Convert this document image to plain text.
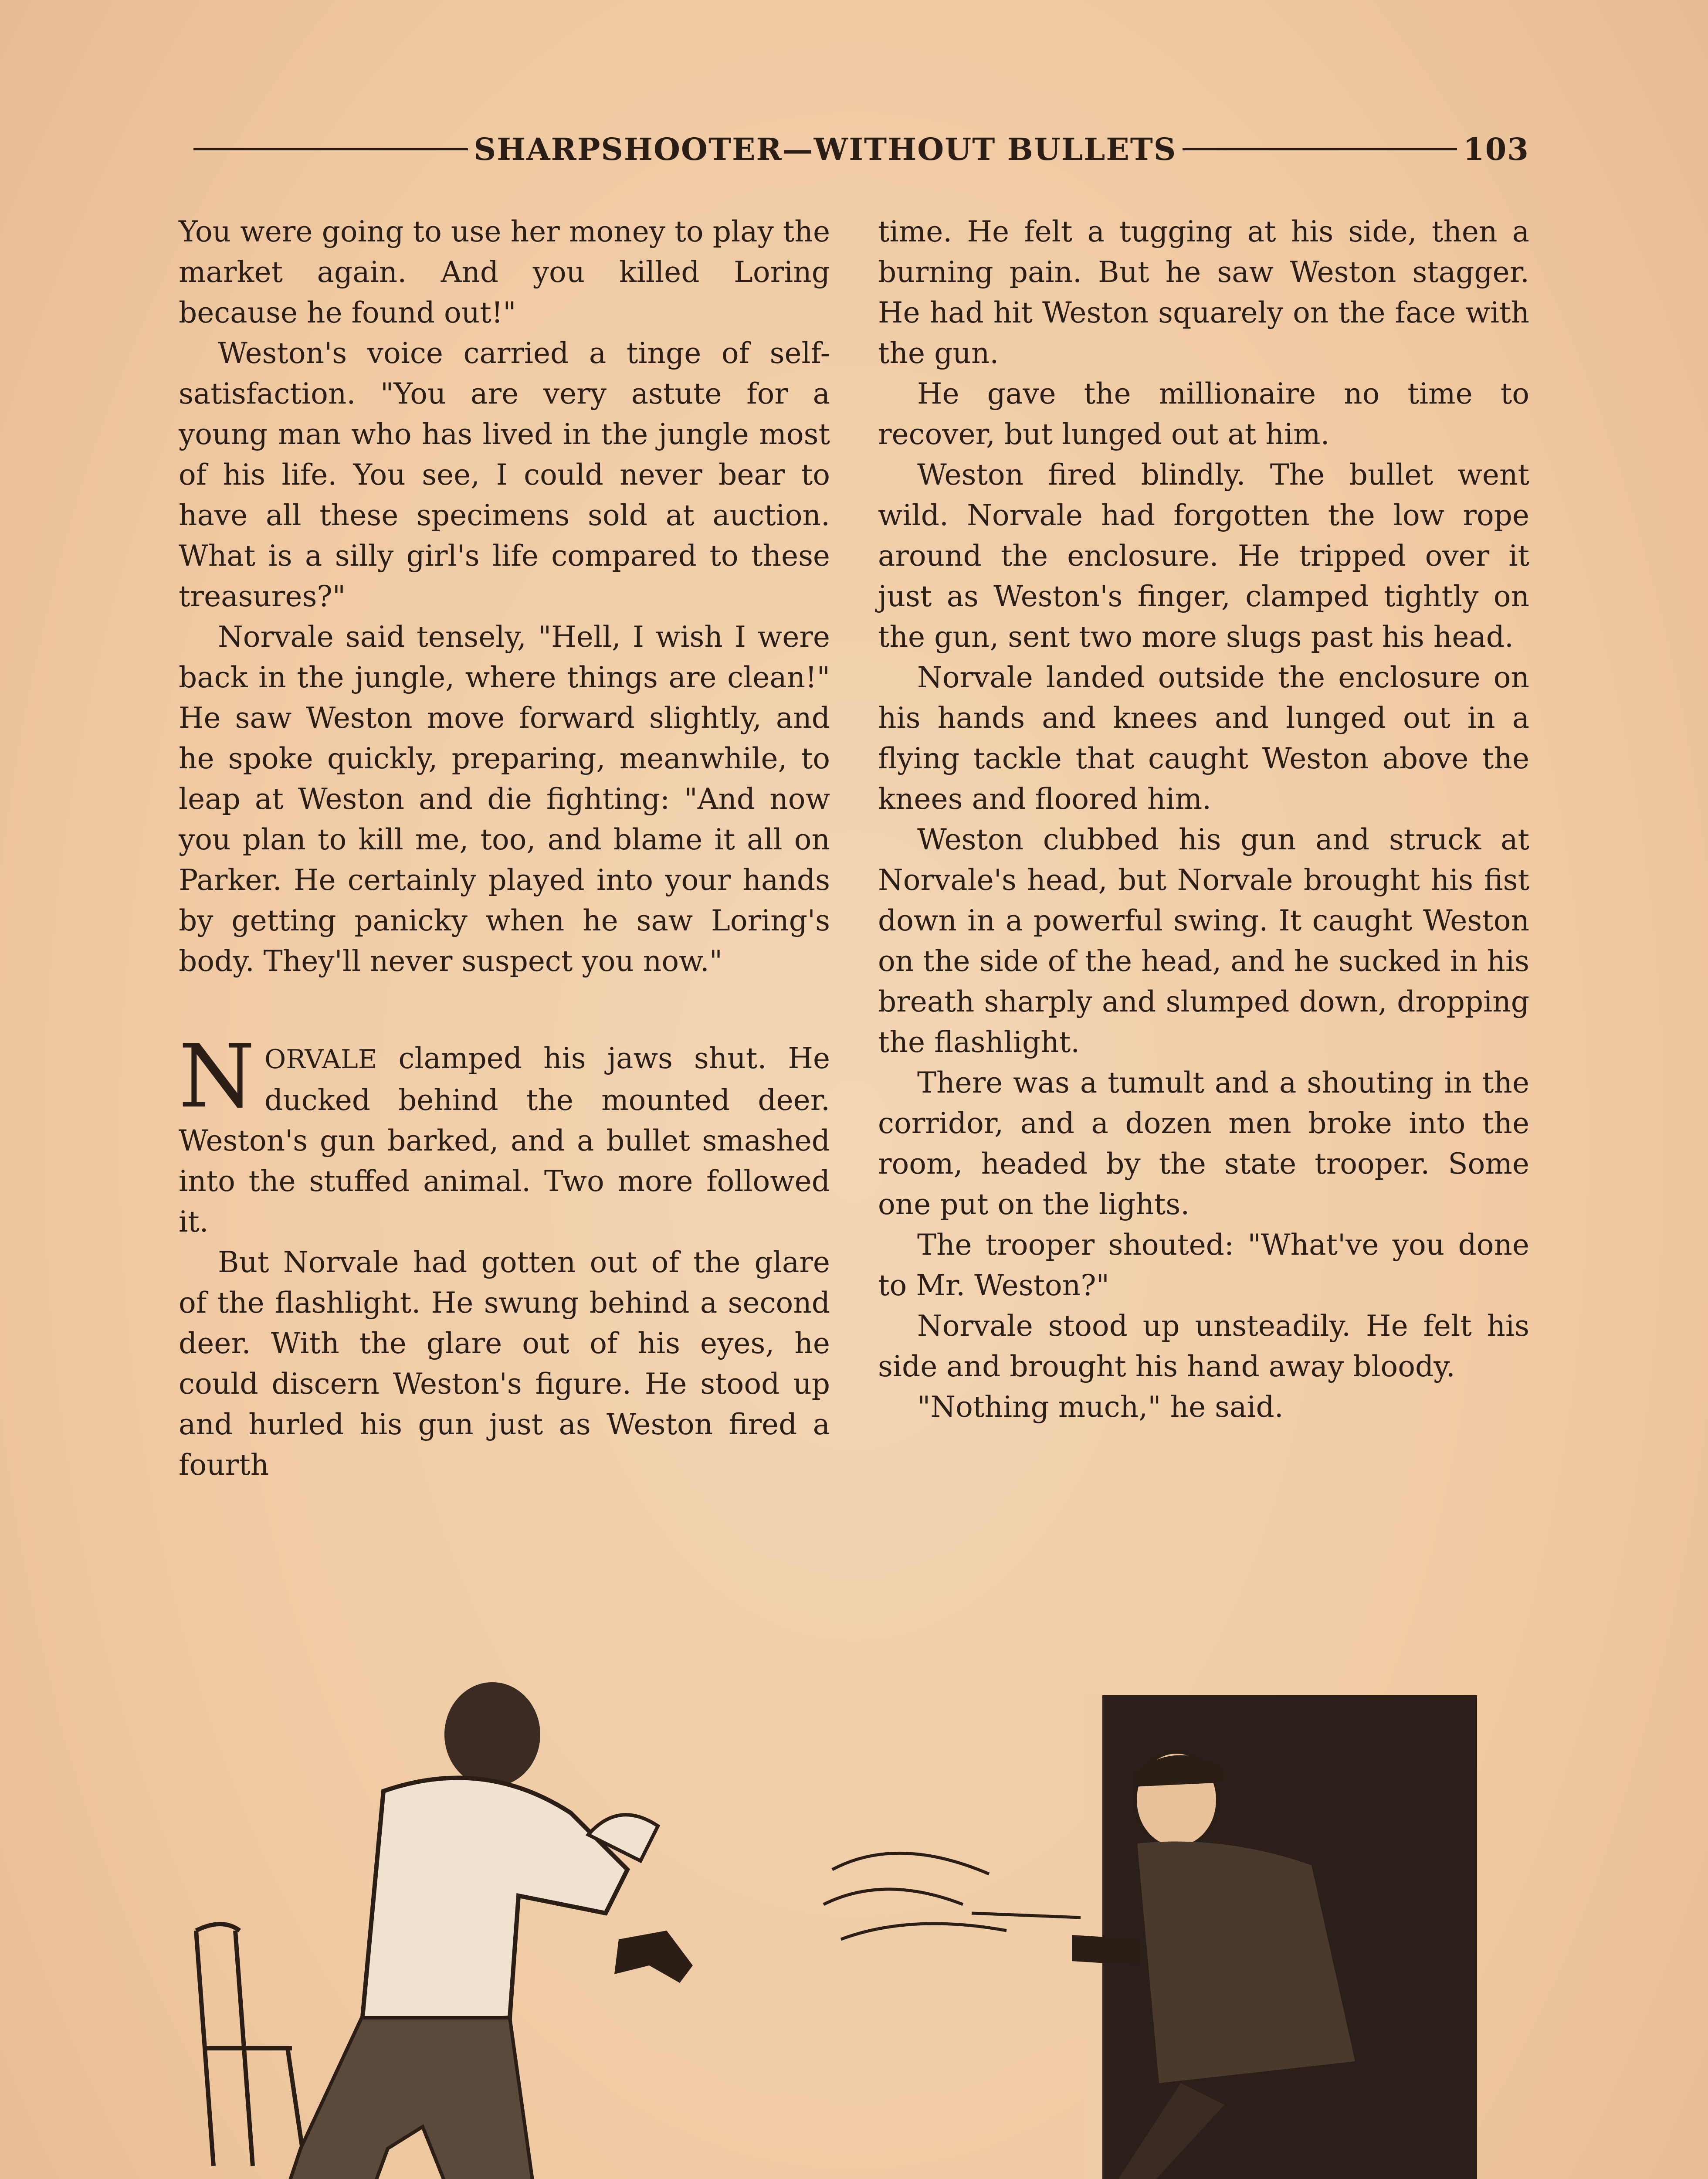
SHARPSHOOTER—WITHOUT BULLETS	103

You were going to use her money to play the market again. And you killed Loring because he found out!"

Weston's voice carried a tinge of self-satisfaction. "You are very astute for a young man who has lived in the jungle most of his life. You see, I could never bear to have all these specimens sold at auction. What is a silly girl's life compared to these treasures?"

Norvale said tensely, "Hell, I wish I were back in the jungle, where things are clean!" He saw Weston move forward slightly, and he spoke quickly, preparing, meanwhile, to leap at Weston and die fighting: "And now you plan to kill me, too, and blame it all on Parker. He certainly played into your hands by getting panicky when he saw Loring's body. They'll never suspect you now."

NORVALE clamped his jaws shut. He ducked behind the mounted deer. Weston's gun barked, and a bullet smashed into the stuffed animal. Two more followed it.

But Norvale had gotten out of the glare of the flashlight. He swung behind a second deer. With the glare out of his eyes, he could discern Weston's figure. He stood up and hurled his gun just as Weston fired a fourth

time. He felt a tugging at his side, then a burning pain. But he saw Weston stagger. He had hit Weston squarely on the face with the gun.

He gave the millionaire no time to recover, but lunged out at him.

Weston fired blindly. The bullet went wild. Norvale had forgotten the low rope around the enclosure. He tripped over it just as Weston's finger, clamped tightly on the gun, sent two more slugs past his head.

Norvale landed outside the enclosure on his hands and knees and lunged out in a flying tackle that caught Weston above the knees and floored him.

Weston clubbed his gun and struck at Norvale's head, but Norvale brought his fist down in a powerful swing. It caught Weston on the side of the head, and he sucked in his breath sharply and slumped down, dropping the flashlight.

There was a tumult and a shouting in the corridor, and a dozen men broke into the room, headed by the state trooper. Some one put on the lights.

The trooper shouted: "What've you done to Mr. Weston?"

Norvale stood up unsteadily. He felt his side and brought his hand away bloody.

"Nothing much," he said.
